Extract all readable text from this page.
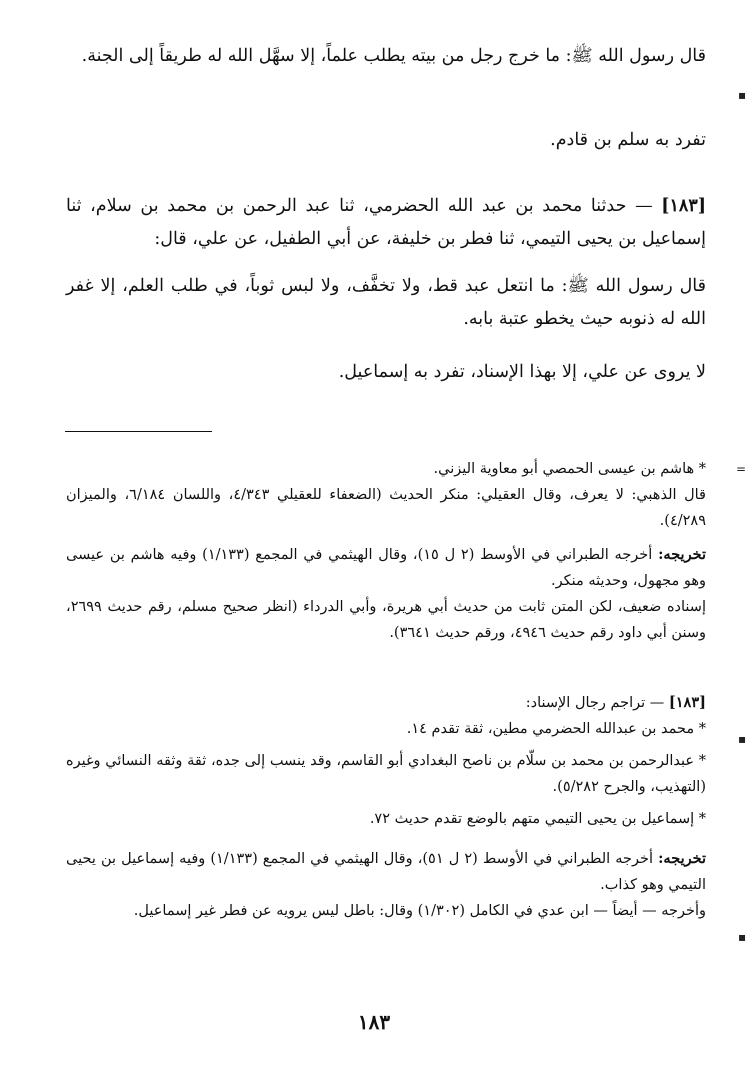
قال رسول الله ﷺ: ما خرج رجل من بيته يطلب علماً، إلا سهَّل الله له طريقاً إلى الجنة.

تفرد به سلم بن قادم.

[١٨٣] — حدثنا محمد بن عبد الله الحضرمي، ثنا عبد الرحمن بن محمد بن سلام، ثنا إسماعيل بن يحيى التيمي، ثنا فطر بن خليفة، عن أبي الطفيل، عن علي، قال:

قال رسول الله ﷺ: ما انتعل عبد قط، ولا تخفَّف، ولا لبس ثوباً، في طلب العلم، إلا غفر الله له ذنوبه حيث يخطو عتبة بابه.

لا يروى عن علي، إلا بهذا الإسناد، تفرد به إسماعيل.

* هاشم بن عيسى الحمصي أبو معاوية اليزني.

قال الذهبي: لا يعرف، وقال العقيلي: منكر الحديث (الضعفاء للعقيلي ٤/٣٤٣، واللسان ٦/١٨٤، والميزان ٤/٢٨٩).

تخريجه: أخرجه الطبراني في الأوسط (٢ ل ١٥)، وقال الهيثمي في المجمع (١/١٣٣) وفيه هاشم بن عيسى وهو مجهول، وحديثه منكر.

إسناده ضعيف، لكن المتن ثابت من حديث أبي هريرة، وأبي الدرداء (انظر صحيح مسلم، رقم حديث ٢٦٩٩، وسنن أبي داود رقم حديث ٤٩٤٦، ورقم حديث ٣٦٤١).

[١٨٣] — تراجم رجال الإسناد:

* محمد بن عبدالله الحضرمي مطين، ثقة تقدم ١٤.

* عبدالرحمن بن محمد بن سلّام بن ناصح البغدادي أبو القاسم، وقد ينسب إلى جده، ثقة وثقه النسائي وغيره (التهذيب، والجرح ٥/٢٨٢).

* إسماعيل بن يحيى التيمي متهم بالوضع تقدم حديث ٧٢.

تخريجه: أخرجه الطبراني في الأوسط (٢ ل ٥١)، وقال الهيثمي في المجمع (١/١٣٣) وفيه إسماعيل بن يحيى التيمي وهو كذاب.

وأخرجه — أيضاً — ابن عدي في الكامل (١/٣٠٢) وقال: باطل ليس يرويه عن فطر غير إسماعيل.

١٨٣
▪
=
▪
▪
